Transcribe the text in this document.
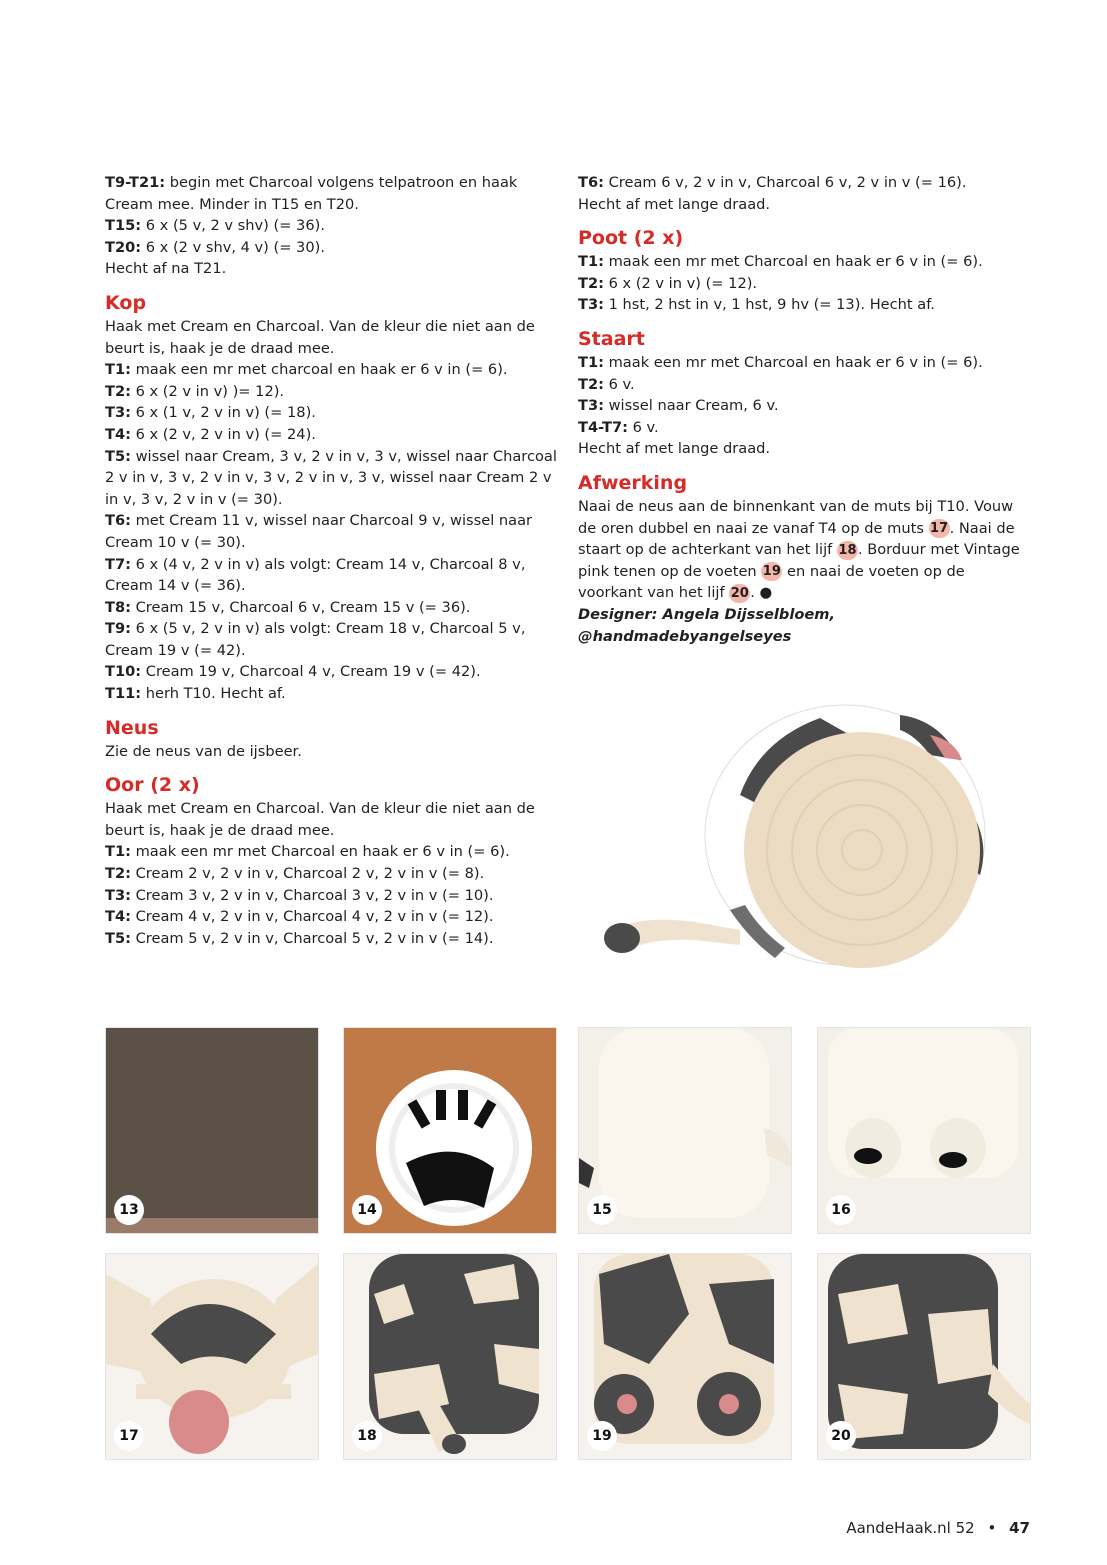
T9-T21: begin met Charcoal volgens telpatroon en haak Cream mee. Minder in T15 en T20.

T15: 6 x (5 v, 2 v shv) (= 36).

T20: 6 x (2 v shv, 4 v) (= 30).

Hecht af na T21.

Kop

Haak met Cream en Charcoal. Van de kleur die niet aan de beurt is, haak je de draad mee.

T1: maak een mr met charcoal en haak er 6 v in (= 6).

T2: 6 x (2 v in v) )= 12).

T3: 6 x (1 v, 2 v in v) (= 18).

T4: 6 x (2 v, 2 v in v) (= 24).

T5: wissel naar Cream, 3 v, 2 v in v, 3 v, wissel naar Charcoal 2 v in v, 3 v, 2 v in v, 3 v, 2 v in v, 3 v, wissel naar Cream 2 v in v, 3 v, 2 v in v (= 30).

T6: met Cream 11 v, wissel naar Charcoal 9 v, wissel naar Cream 10 v (= 30).

T7: 6 x (4 v, 2 v in v) als volgt: Cream 14 v, Charcoal 8 v, Cream 14 v (= 36).

T8: Cream 15 v, Charcoal 6 v, Cream 15 v (= 36).

T9: 6 x (5 v, 2 v in v) als volgt: Cream 18 v, Charcoal 5 v, Cream 19 v (= 42).

T10: Cream 19 v, Charcoal 4 v, Cream 19 v (= 42).

T11: herh T10. Hecht af.

Neus

Zie de neus van de ijsbeer.

Oor (2 x)

Haak met Cream en Charcoal. Van de kleur die niet aan de beurt is, haak je de draad mee.

T1: maak een mr met Charcoal en haak er 6 v in (= 6).

T2: Cream 2 v, 2 v in v, Charcoal 2 v, 2 v in v (= 8).

T3: Cream 3 v, 2 v in v, Charcoal 3 v, 2 v in v (= 10).

T4: Cream 4 v, 2 v in v, Charcoal 4 v, 2 v in v (= 12).

T5: Cream 5 v, 2 v in v, Charcoal 5 v, 2 v in v (= 14).

T6: Cream 6 v, 2 v in v, Charcoal 6 v, 2 v in v (= 16).

Hecht af met lange draad.

Poot (2 x)

T1: maak een mr met Charcoal en haak er 6 v in (= 6).

T2: 6 x (2 v in v) (= 12).

T3: 1 hst, 2 hst in v, 1 hst, 9 hv (= 13). Hecht af.

Staart

T1: maak een mr met Charcoal en haak er 6 v in (= 6).

T2: 6 v.

T3: wissel naar Cream, 6 v.

T4-T7: 6 v.

Hecht af met lange draad.

Afwerking

Naai de neus aan de binnenkant van de muts bij T10. Vouw de oren dubbel en naai ze vanaf T4 op de muts 17. Naai de staart op de achterkant van het lijf 18. Borduur met Vintage pink tenen op de voeten 19 en naai de voeten op de voorkant van het lijf 20. ●

Designer: Angela Dijsselbloem,

@handmadebyangelseyes

13	14	15	16
17	18	19	20
AandeHaak.nl 52 • 47
